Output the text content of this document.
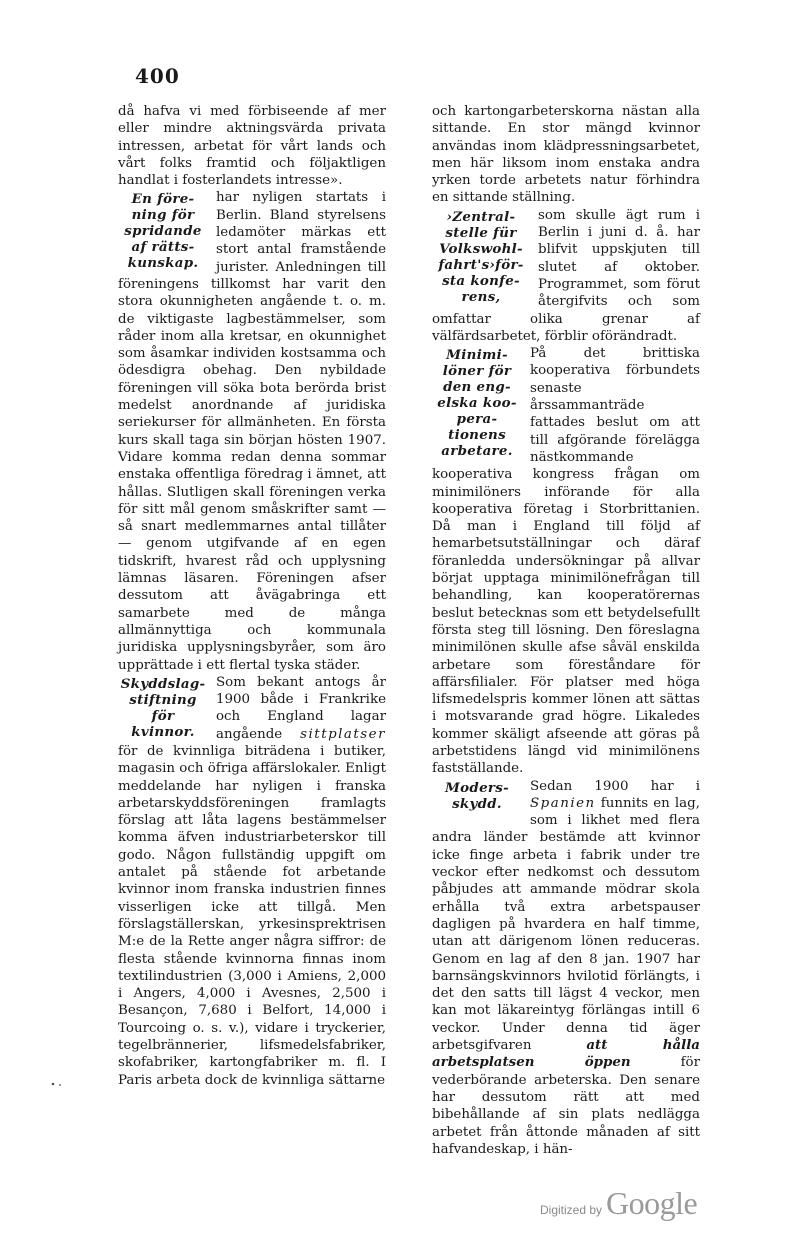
400

då hafva vi med förbiseende af mer eller mindre aktningsvärda privata intressen, arbetat för vårt lands och vårt folks framtid och följaktligen handlat i fosterlandets intresse».

En före-ning för spridande af rätts-kunskap.
har nyligen startats i Berlin. Bland styrelsens ledamöter märkas ett stort antal framstående jurister. Anledningen till föreningens tillkomst har varit den stora okunnigheten angående t. o. m. de viktigaste lagbestämmelser, som råder inom alla kretsar, en okunnighet som åsamkar individen kostsamma och ödesdigra obehag. Den nybildade föreningen vill söka bota berörda brist medelst anordnande af juridiska seriekurser för allmänheten. En första kurs skall taga sin början hösten 1907. Vidare komma redan denna sommar enstaka offentliga föredrag i ämnet, att hållas. Slutligen skall föreningen verka för sitt mål genom småskrifter samt — så snart medlemmarnes antal tillåter — genom utgifvande af en egen tidskrift, hvarest råd och upplysning lämnas läsaren. Föreningen afser dessutom att åvägabringa ett samarbete med de många allmännyttiga och kommunala juridiska upplysningsbyråer, som äro upprättade i ett flertal tyska städer.

Skyddslag-stiftning för kvinnor.
Som bekant antogs år 1900 både i Frankrike och England lagar angående sittplatser för de kvinnliga biträdena i butiker, magasin och öfriga affärslokaler. Enligt meddelande har nyligen i franska arbetarskyddsföreningen framlagts förslag att låta lagens bestämmelser komma äfven industriarbeterskor till godo. Någon fullständig uppgift om antalet på stående fot arbetande kvinnor inom franska industrien finnes visserligen icke att tillgå. Men förslagställerskan, yrkesinsprektrisen M:e de la Rette anger några siffror: de flesta stående kvinnorna finnas inom textilindustrien (3,000 i Amiens, 2,000 i Angers, 4,000 i Avesnes, 2,500 i Besançon, 7,680 i Belfort, 14,000 i Tourcoing o. s. v.), vidare i tryckerier, tegelbrännerier, lifsmedelsfabriker, skofabriker, kartongfabriker m. fl. I Paris arbeta dock de kvinnliga sättarne

och kartongarbeterskorna nästan alla sittande. En stor mängd kvinnor användas inom klädpressningsarbetet, men här liksom inom enstaka andra yrken torde arbetets natur förhindra en sittande ställning.

›Zentral-stelle für Volkswohl-fahrt's›för-sta konfe-rens,
som skulle ägt rum i Berlin i juni d. å. har blifvit uppskjuten till slutet af oktober. Programmet, som förut återgifvits och som omfattar olika grenar af välfärdsarbetet, förblir oförändradt.

Minimi-löner för den eng-elska koo-pera-tionens arbetare.
På det brittiska kooperativa förbundets senaste årssammanträde fattades beslut om att till afgörande förelägga nästkommande kooperativa kongress frågan om minimilöners införande för alla kooperativa företag i Storbrittanien. Då man i England till följd af hemarbetsutställningar och däraf föranledda undersökningar på allvar börjat upptaga minimilönefrågan till behandling, kan kooperatörernas beslut betecknas som ett betydelsefullt första steg till lösning. Den föreslagna minimilönen skulle afse såväl enskilda arbetare som föreståndare för affärsfilialer. För platser med höga lifsmedelspris kommer lönen att sättas i motsvarande grad högre. Likaledes kommer skäligt afseende att göras på arbetstidens längd vid minimilönens fastställande.

Moders-skydd.
Sedan 1900 har i Spanien funnits en lag, som i likhet med flera andra länder bestämde att kvinnor icke finge arbeta i fabrik under tre veckor efter nedkomst och dessutom påbjudes att ammande mödrar skola erhålla två extra arbetspauser dagligen på hvardera en half timme, utan att därigenom lönen reduceras. Genom en lag af den 8 jan. 1907 har barnsängskvinnors hvilotid förlängts, i det den satts till lägst 4 veckor, men kan mot läkareintyg förlängas intill 6 veckor. Under denna tid äger arbetsgifvaren	att hålla arbetsplatsen öppen	för vederbörande arbeterska. Den senare har dessutom rätt att med bibehållande af sin plats nedlägga arbetet från åttonde månaden af sitt hafvandeskap, i hän-

Digitized by Google
